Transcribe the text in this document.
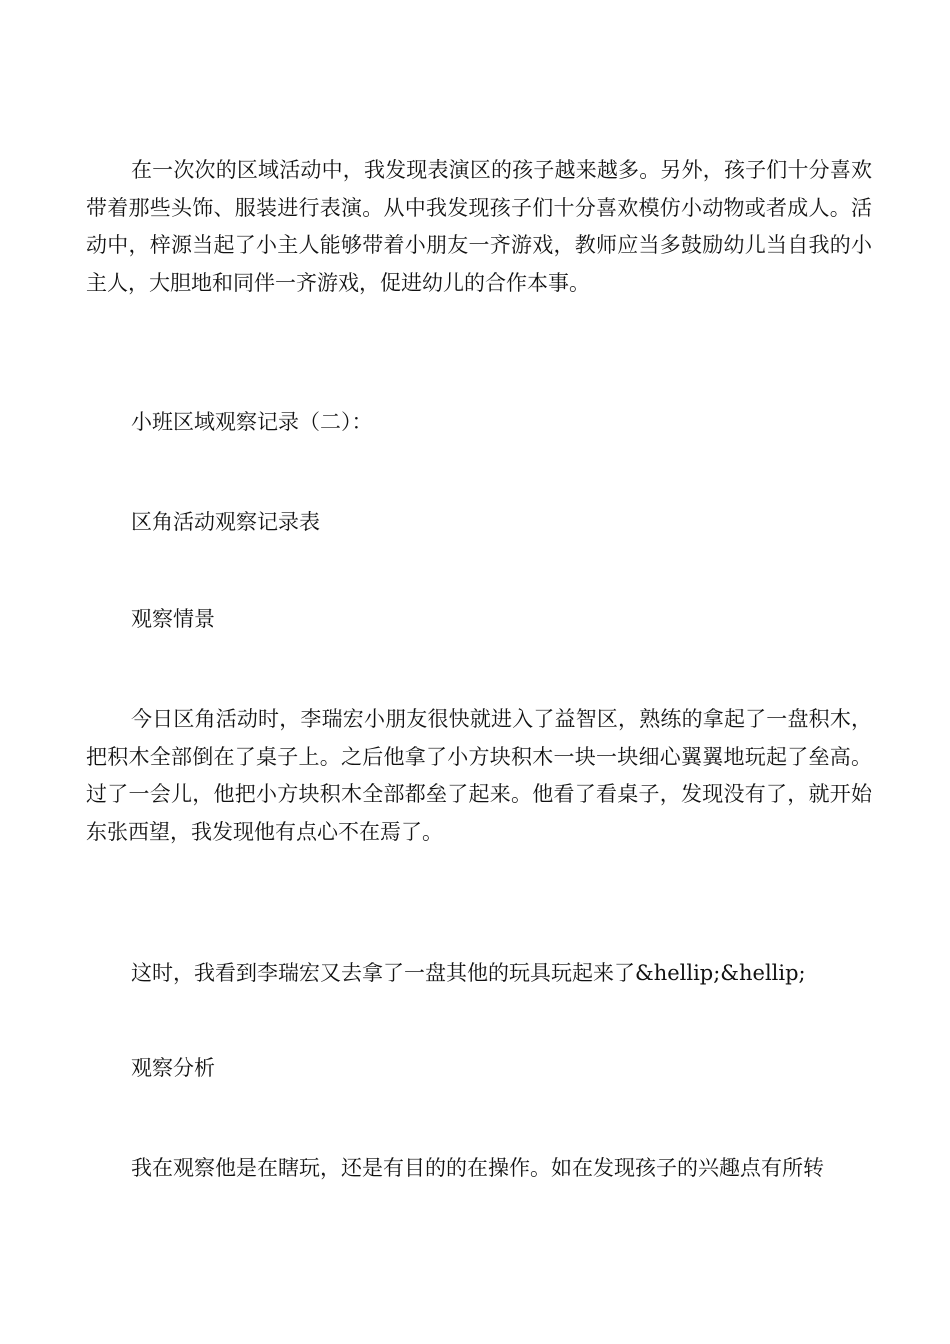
在一次次的区域活动中，我发现表演区的孩子越来越多。另外，孩子们十分喜欢带着那些头饰、服装进行表演。从中我发现孩子们十分喜欢模仿小动物或者成人。活动中，梓源当起了小主人能够带着小朋友一齐游戏，教师应当多鼓励幼儿当自我的小主人，大胆地和同伴一齐游戏，促进幼儿的合作本事。

小班区域观察记录（二）：

区角活动观察记录表

观察情景

今日区角活动时，李瑞宏小朋友很快就进入了益智区，熟练的拿起了一盘积木，把积木全部倒在了桌子上。之后他拿了小方块积木一块一块细心翼翼地玩起了垒高。过了一会儿，他把小方块积木全部都垒了起来。他看了看桌子，发现没有了，就开始东张西望，我发现他有点心不在焉了。

这时，我看到李瑞宏又去拿了一盘其他的玩具玩起来了&hellip;&hellip;

观察分析

我在观察他是在瞎玩，还是有目的的在操作。如在发现孩子的兴趣点有所转
